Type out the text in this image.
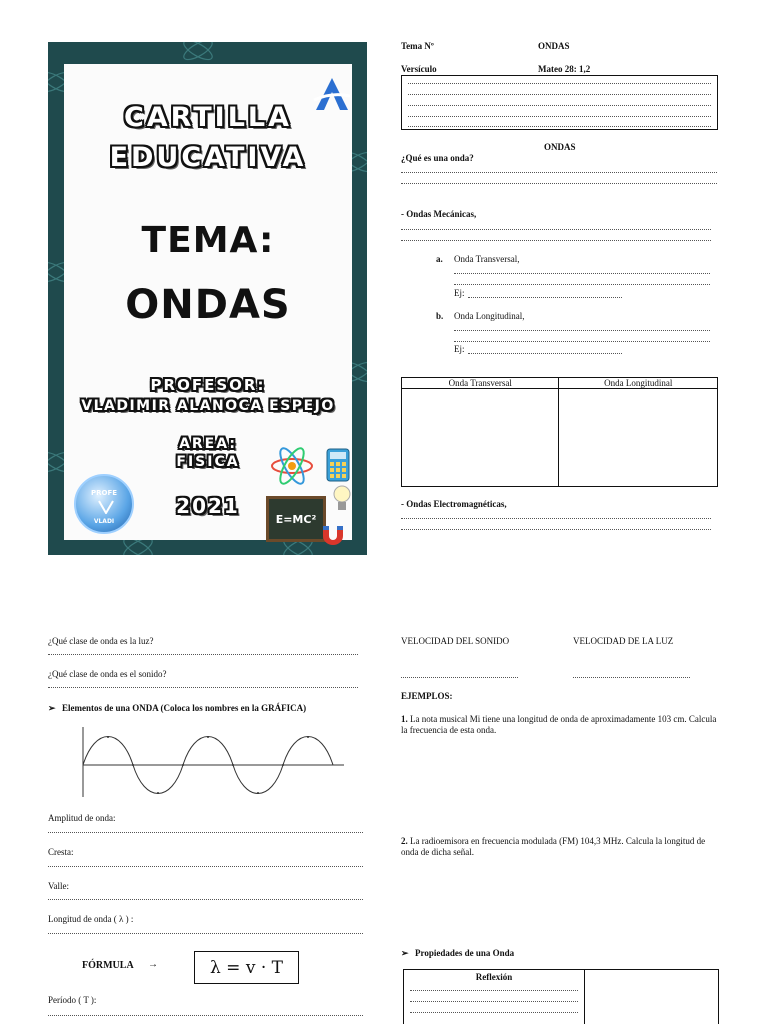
CARTILLA
EDUCATIVA
TEMA:
ONDAS
PROFESOR:
VLADIMIR ALANOCA ESPEJO
AREA:
FISICA
2021
PROFE
VLADI	E=MC²
Tema Nº	ONDAS
Versículo	Mateo 28: 1,2
ONDAS
¿Qué es una onda?
- Ondas Mecánicas,
a. Onda Transversal,
Ej:
b. Onda Longitudinal,
Ej:
Onda Transversal	Onda Longitudinal

- Ondas Electromagnéticas,
¿Qué clase de onda es la luz?
¿Qué clase de onda es el sonido?
➢ Elementos de una ONDA (Coloca los nombres en la GRÁFICA)
Amplitud de onda:
Cresta:
Valle:
Longitud de onda ( λ ) :
FÓRMULA →	λ = v · T
Período ( T ):
VELOCIDAD DEL SONIDO	VELOCIDAD DE LA LUZ
EJEMPLOS:
1. La nota musical Mi tiene una longitud de onda de aproximadamente 103 cm. Calcula la frecuencia de esta onda.
2. La radioemisora en frecuencia modulada (FM) 104,3 MHz. Calcula la longitud de onda de dicha señal.
➢ Propiedades de una Onda
Reflexión
